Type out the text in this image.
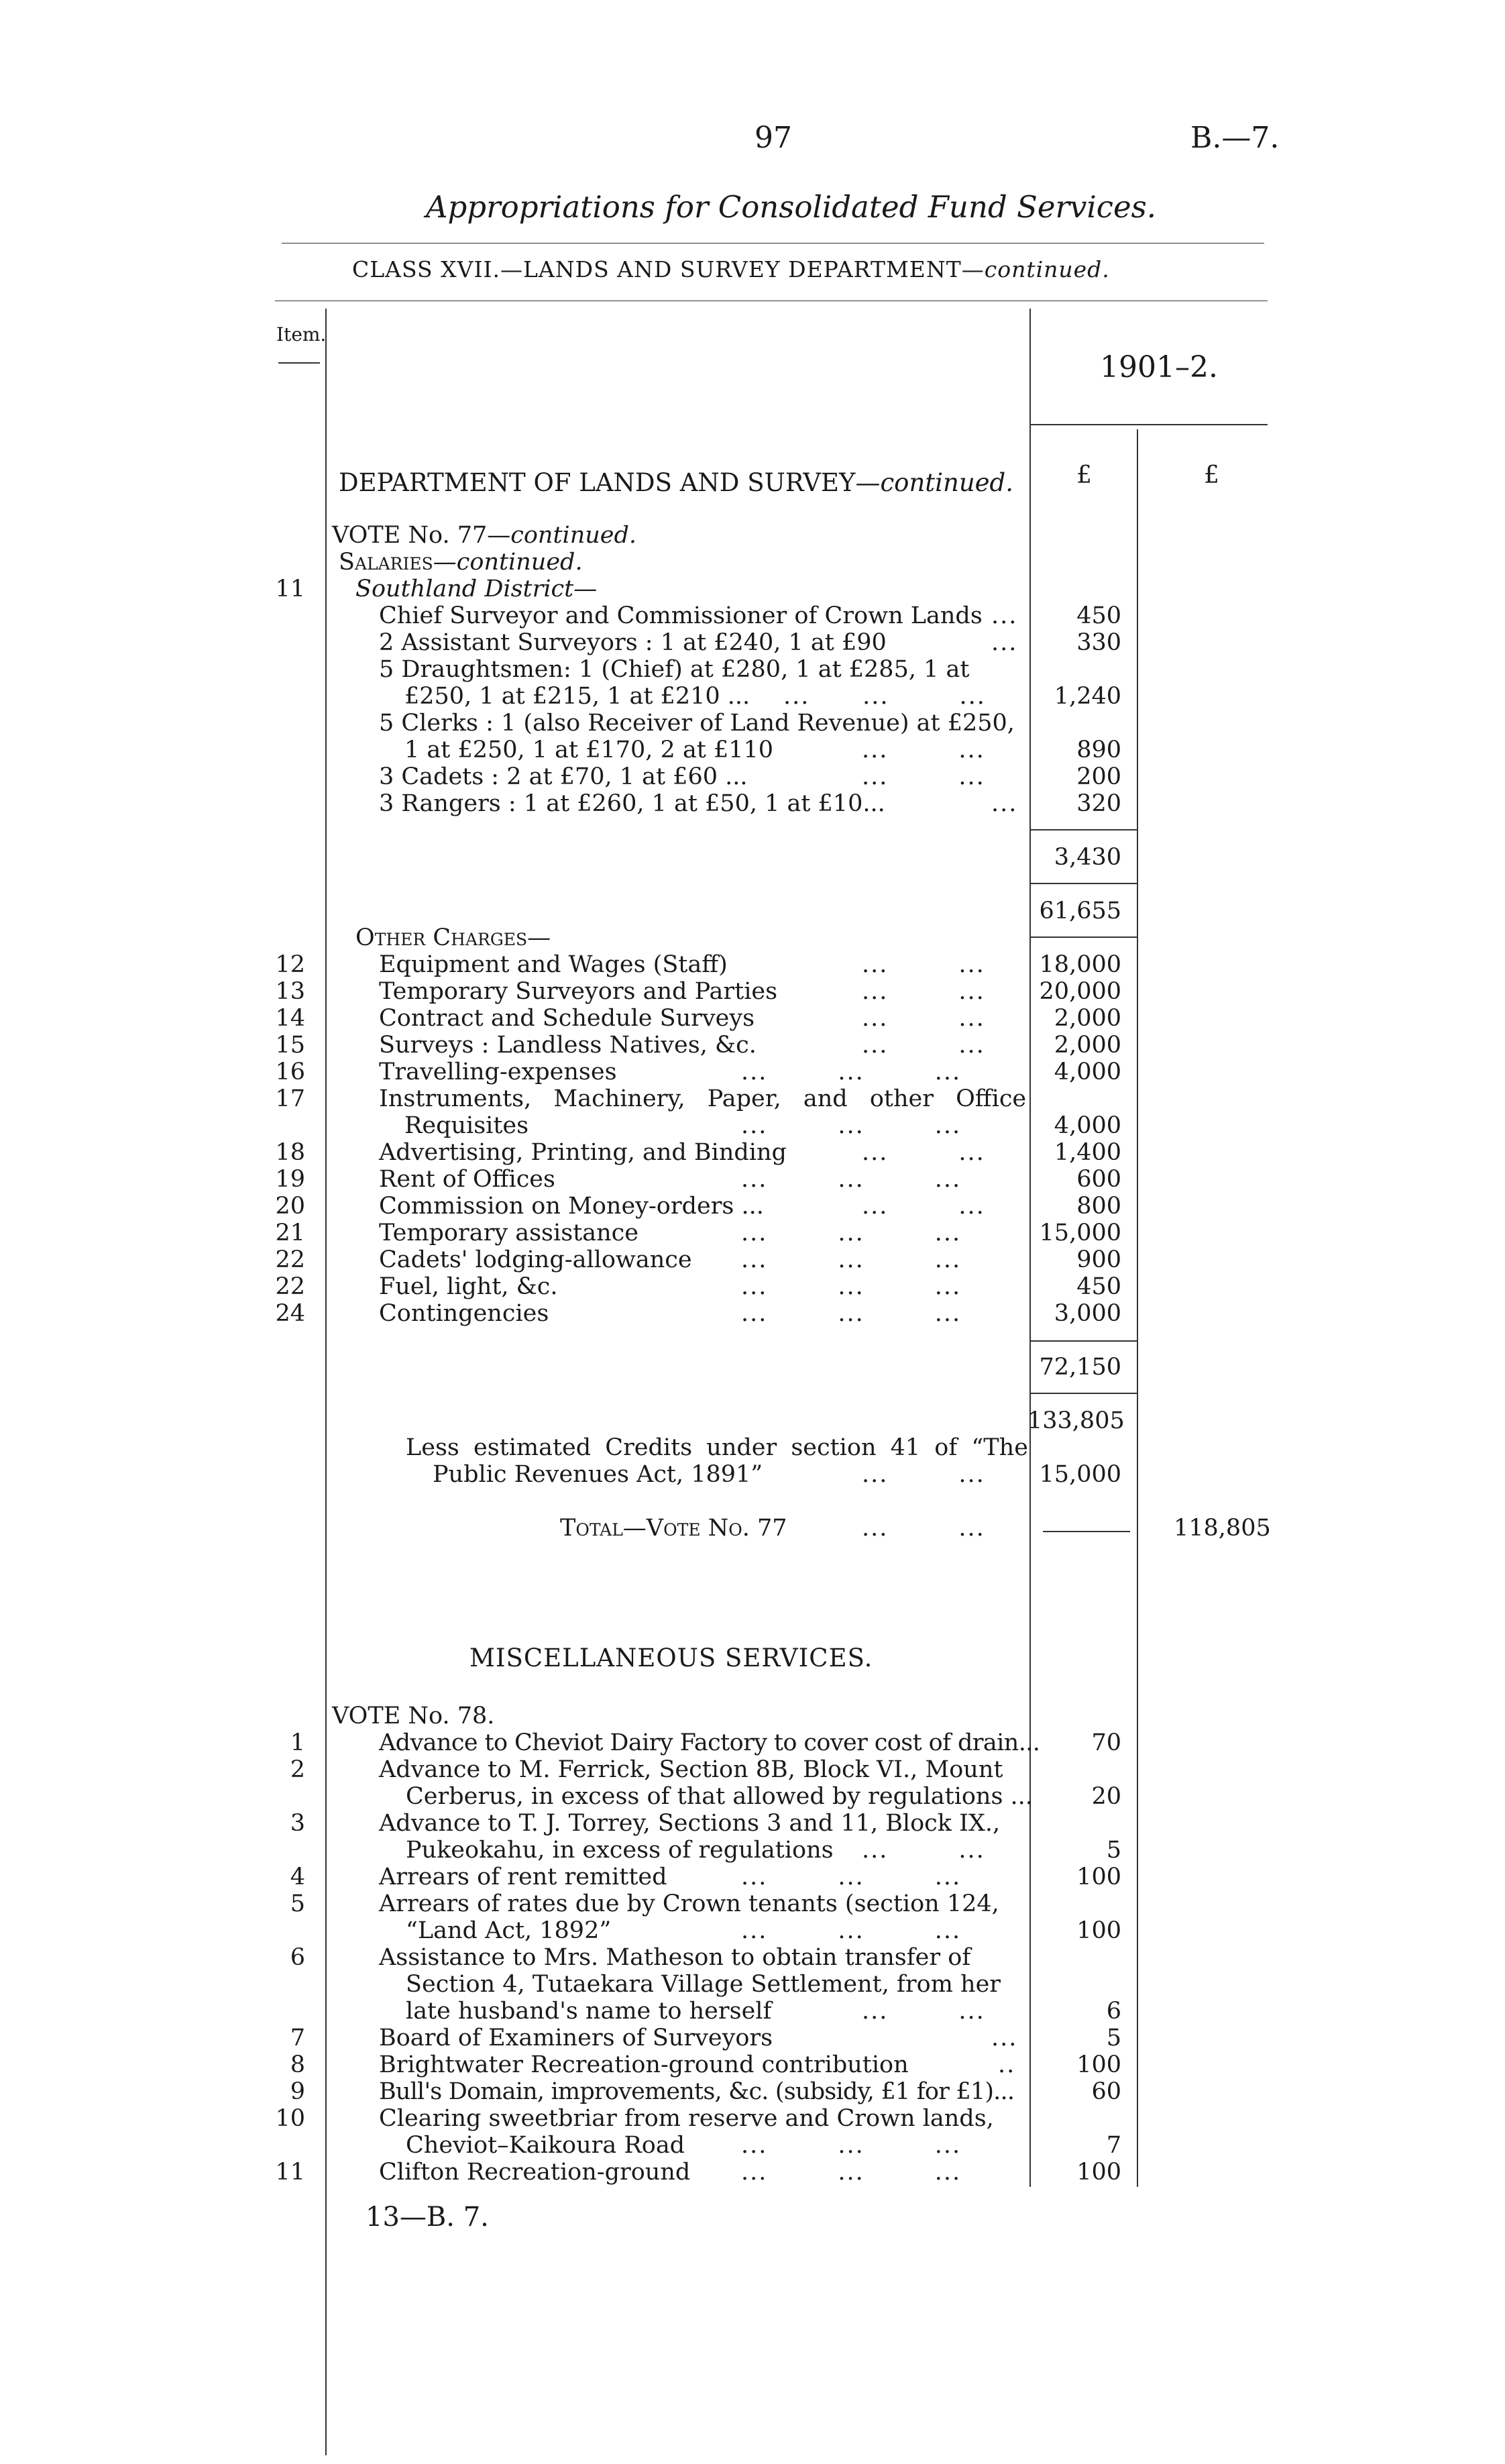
97	B.—7.
Appropriations for Consolidated Fund Services.
CLASS XVII.—LANDS AND SURVEY DEPARTMENT—continued.
Item.
1901–2.
£	£
DEPARTMENT OF LANDS AND SURVEY—continued.
VOTE No. 77—continued.
Salaries—continued.
11 Southland District—
Chief Surveyor and Commissioner of Crown Lands ...	450
2 Assistant Surveyors : 1 at £240, 1 at £90	...	330
5 Draughtsmen: 1 (Chief) at £280, 1 at £285, 1 at
£250, 1 at £215, 1 at £210 ... ...      ...        ...	1,240
5 Clerks : 1 (also Receiver of Land Revenue) at £250,
1 at £250, 1 at £170, 2 at £110	...        ...	890
3 Cadets : 2 at £70, 1 at £60 ...	...        ...	200
3 Rangers : 1 at £260, 1 at £50, 1 at £10...	...	320
3,430
61,655
Other Charges—
12	Equipment and Wages (Staff)	...        ...	18,000
13	Temporary Surveyors and Parties	...        ...	20,000
14	Contract and Schedule Surveys	...        ...	2,000
15	Surveys : Landless Natives, &c.	...        ...	2,000
16	Travelling-expenses	...        ...        ...	4,000
17	Instruments, Machinery, Paper, and other Office
Requisites	...        ...        ...	4,000
18	Advertising, Printing, and Binding	...        ...	1,400
19	Rent of Offices	...        ...        ...	600
20	Commission on Money-orders ...	...        ...	800
21	Temporary assistance	...        ...        ...	15,000
22	Cadets' lodging-allowance ...        ...        ...	900
22	Fuel, light, &c.	...        ...        ...	450
24	Contingencies	...        ...        ...	3,000
72,150
133,805
Less estimated Credits under section 41 of “The
Public Revenues Act, 1891”	...        ...	15,000
Total—Vote No. 77	...        ...	118,805
MISCELLANEOUS SERVICES.
VOTE No. 78.
1	Advance to Cheviot Dairy Factory to cover cost of drain...	70
2	Advance to M. Ferrick, Section 8B, Block VI., Mount
Cerberus, in excess of that allowed by regulations ...	20
3	Advance to T. J. Torrey, Sections 3 and 11, Block IX.,
Pukeokahu, in excess of regulations ...        ...	5
4	Arrears of rent remitted	...        ...        ...	100
5	Arrears of rates due by Crown tenants (section 124,
“Land Act, 1892”	...        ...        ...	100
6	Assistance to Mrs. Matheson to obtain transfer of
Section 4, Tutaekara Village Settlement, from her
late husband's name to herself	...        ...	6
7	Board of Examiners of Surveyors	...	5
8	Brightwater Recreation-ground contribution	..	100
9	Bull's Domain, improvements, &c. (subsidy, £1 for £1)...	60
10	Clearing sweetbriar from reserve and Crown lands,
Cheviot–Kaikoura Road ...        ...        ...	7
11	Clifton Recreation-ground ...        ...        ...	100
13—B. 7.
